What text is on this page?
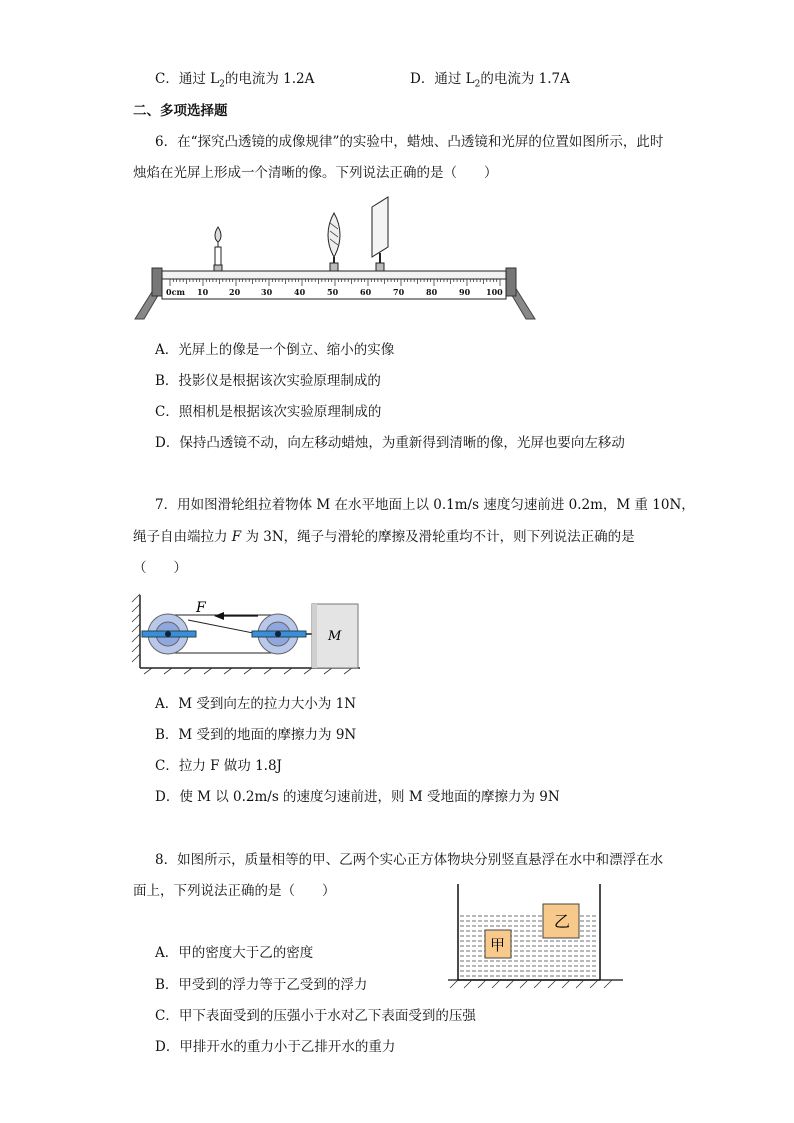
C．通过 $L_2$的电流为 1.2A	D．通过 $L_2$的电流为 1.7A
二、多项选择题
6．在“探究凸透镜的成像规律”的实验中，蜡烛、凸透镜和光屏的位置如图所示，此时
烛焰在光屏上形成一个清晰的像。下列说法正确的是（　　）
0cm 10	20	30	40	50	60	70	80	90 100
A．光屏上的像是一个倒立、缩小的实像
B．投影仪是根据该次实验原理制成的
C．照相机是根据该次实验原理制成的
D．保持凸透镜不动，向左移动蜡烛，为重新得到清晰的像，光屏也要向左移动
7．用如图滑轮组拉着物体 M 在水平地面上以 0.1m/s 速度匀速前进 0.2m，M 重 10N，
绳子自由端拉力 F 为 3N，绳子与滑轮的摩擦及滑轮重均不计，则下列说法正确的是
（　　）
F
M
A．M 受到向左的拉力大小为 1N
B．M 受到的地面的摩擦力为 9N
C．拉力 F 做功 1.8J
D．使 M 以 0.2m/s 的速度匀速前进，则 M 受地面的摩擦力为 9N
8．如图所示，质量相等的甲、乙两个实心正方体物块分别竖直悬浮在水中和漂浮在水
面上，下列说法正确的是（　　）
甲
乙
A．甲的密度大于乙的密度
B．甲受到的浮力等于乙受到的浮力
C．甲下表面受到的压强小于水对乙下表面受到的压强
D．甲排开水的重力小于乙排开水的重力
